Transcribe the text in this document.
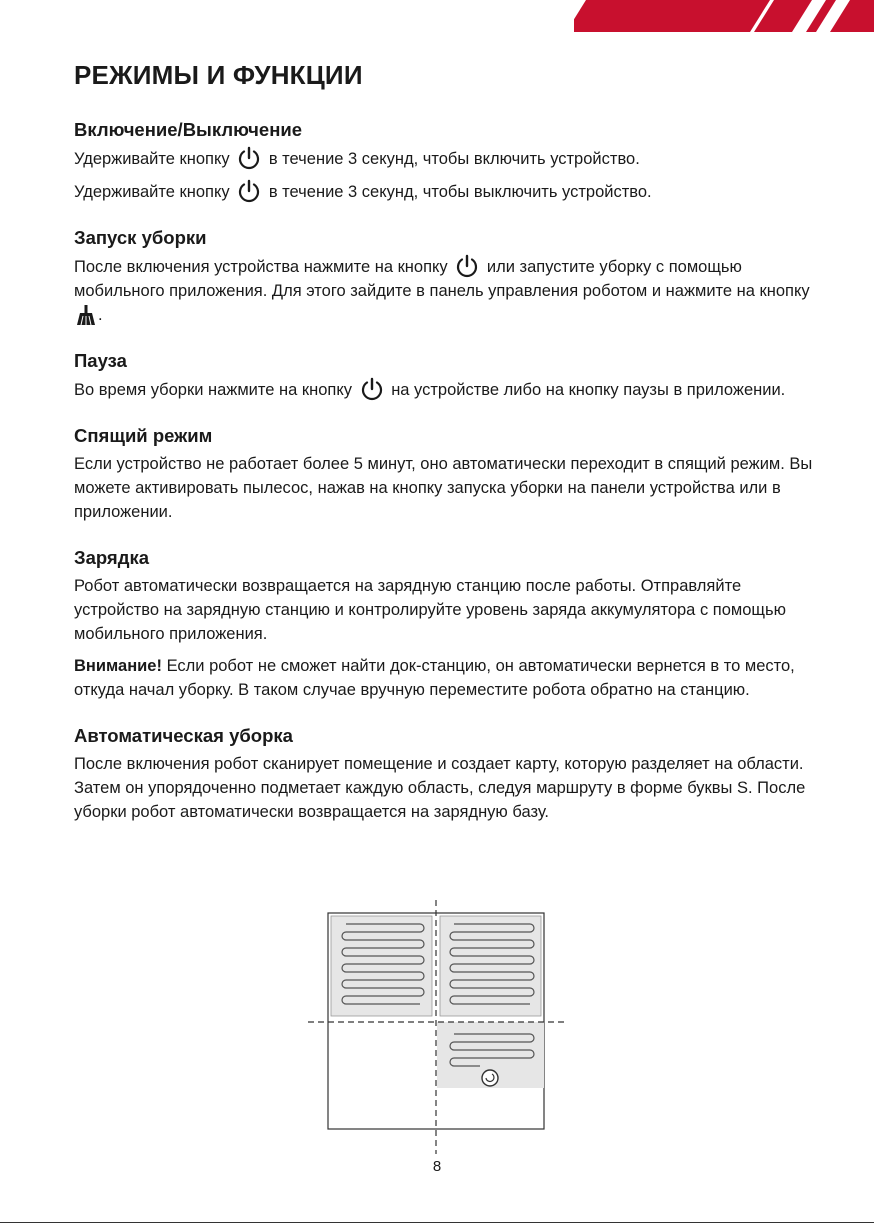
РЕЖИМЫ И ФУНКЦИИ
Включение/Выключение

Удерживайте кнопку в течение 3 секунд, чтобы включить устройство.

Удерживайте кнопку в течение 3 секунд, чтобы выключить устройство.

Запуск уборки

После включения устройства нажмите на кнопку или запустите уборку с помощью мобильного приложения. Для этого зайдите в панель управления роботом и нажмите на кнопку .

Пауза

Во время уборки нажмите на кнопку на устройстве либо на кнопку паузы в приложении.

Спящий режим

Если устройство не работает более 5 минут, оно автоматически переходит в спящий режим. Вы можете активировать пылесос, нажав на кнопку запуска уборки на панели устройства или в приложении.

Зарядка

Робот автоматически возвращается на зарядную станцию после работы. Отправляйте устройство на зарядную станцию и контролируйте уровень заряда аккумулятора с помощью мобильного приложения.

Внимание! Если робот не сможет найти док-станцию, он автоматически вернется в то место, откуда начал уборку. В таком случае вручную переместите робота обратно на станцию.

Автоматическая уборка

После включения робот сканирует помещение и создает карту, которую разделяет на области. Затем он упорядоченно подметает каждую область, следуя маршруту в форме буквы S. После уборки робот автоматически возвращается на зарядную базу.

8
